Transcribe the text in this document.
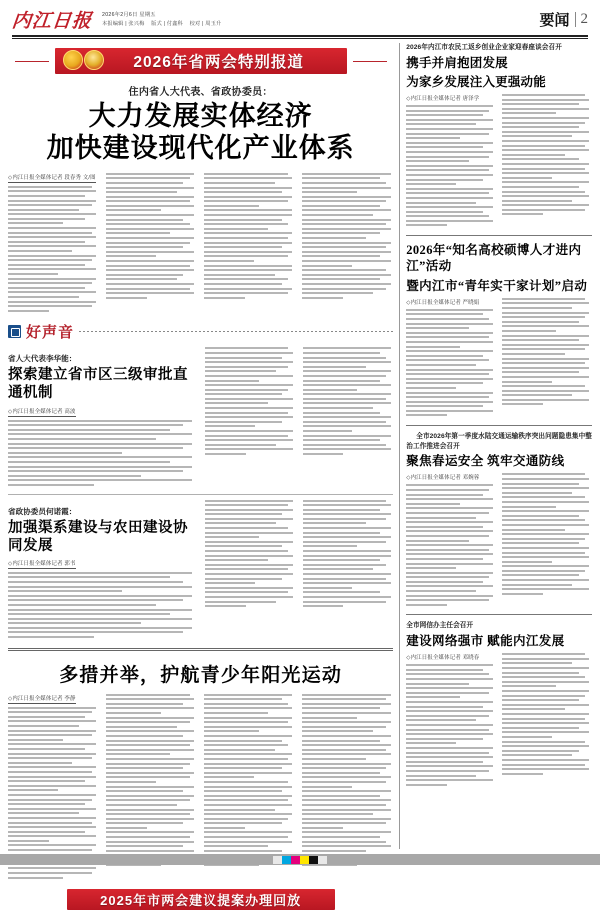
内江日报 2026年2月6日 星期五
本报编辑 | 张兴梅 版式 | 付鑫科 校对 | 周玉升	要闻 2
2026年省两会特别报道
住内省人大代表、省政协委员：
大力发展实体经济
加快建设现代化产业体系
◇内江日报全媒体记者 段春秀 文/图
好声音
省人大代表李华能：
探索建立省市区三级审批直通机制
◇内江日报全媒体记者 高波
省政协委员何诺霞：
加强渠系建设与农田建设协同发展
◇内江日报全媒体记者 郭书
多措并举，护航青少年阳光运动
◇内江日报全媒体记者 李静
2025年市两会建议提案办理回放
2026年内江市农民工返乡创业企业家迎春座谈会召开
携手并肩抱团发展
为家乡发展注入更强动能
◇内江日报全媒体记者 唐泽学
2026年“知名高校硕博人才进内江”活动
暨内江市“青年实干家计划”启动
◇内江日报全媒体记者 严晓娟
全市2026年第一季度水陆交通运输秩序突出问题隐患集中整治工作推进会召开
聚焦春运安全 筑牢交通防线
◇内江日报全媒体记者 邓婉蓉
全市网信办主任会召开
建设网络强市 赋能内江发展
◇内江日报全媒体记者 邓晓春
